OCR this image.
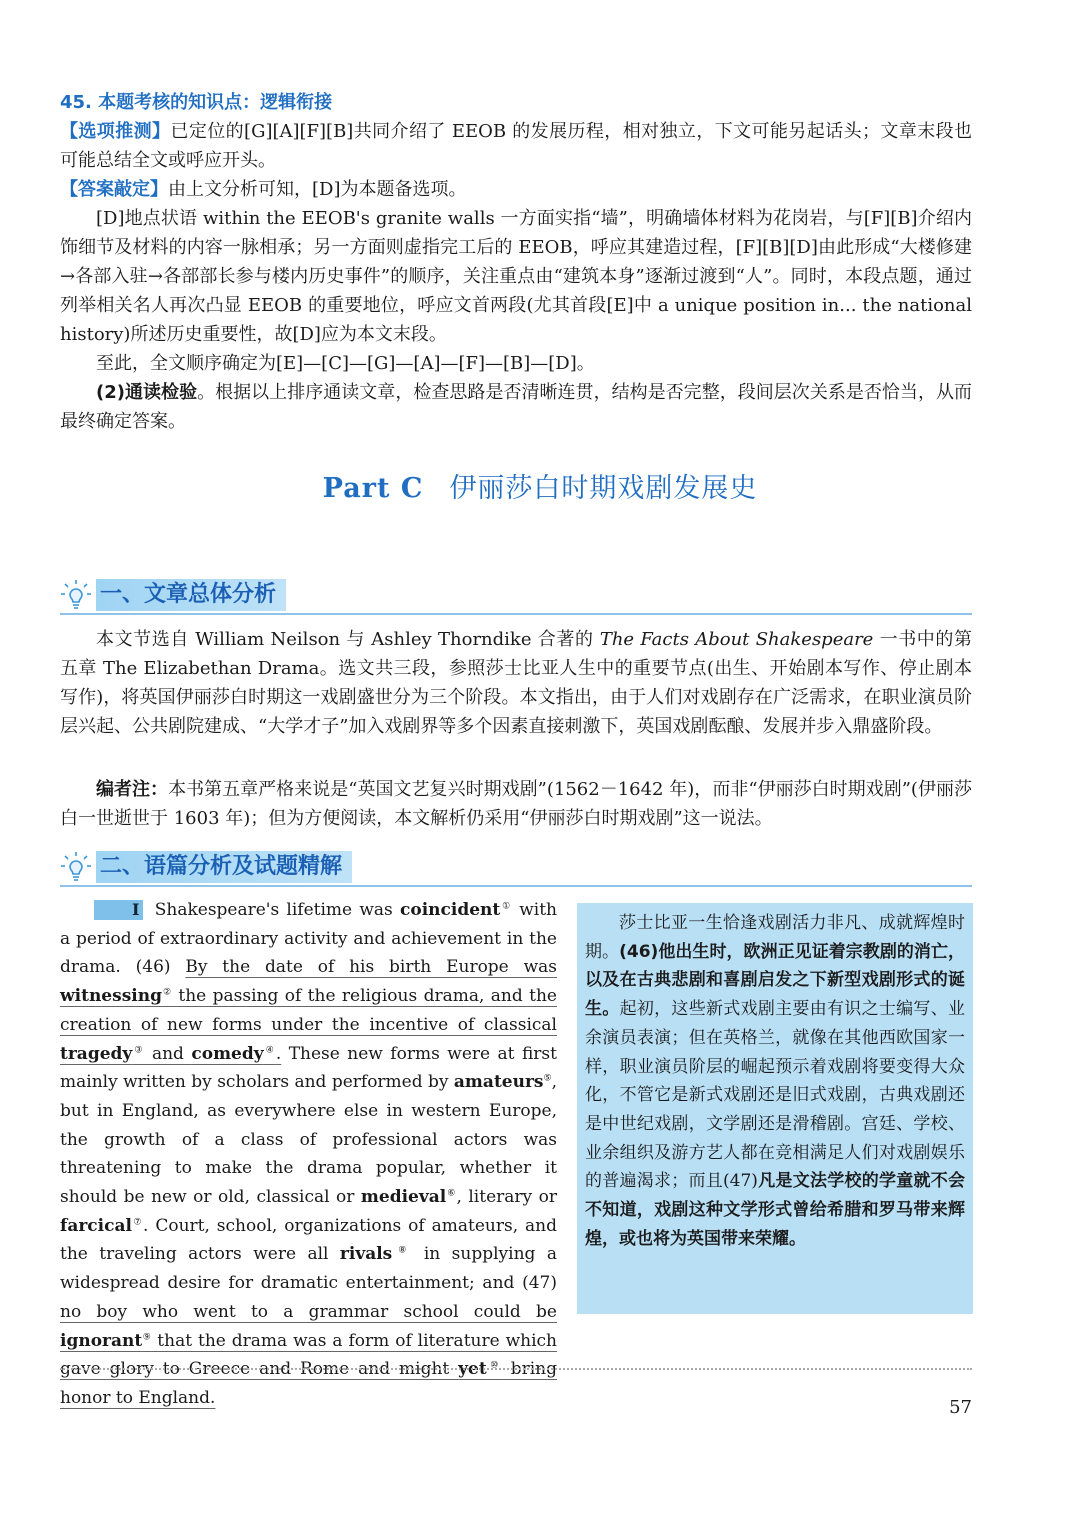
45. 本题考核的知识点：逻辑衔接

【选项推测】已定位的[G][A][F][B]共同介绍了 EEOB 的发展历程，相对独立，下文可能另起话头；文章末段也可能总结全文或呼应开头。

【答案敲定】由上文分析可知，[D]为本题备选项。

[D]地点状语 within the EEOB's granite walls 一方面实指“墙”，明确墙体材料为花岗岩，与[F][B]介绍内饰细节及材料的内容一脉相承；另一方面则虚指完工后的 EEOB，呼应其建造过程，[F][B][D]由此形成“大楼修建→各部入驻→各部部长参与楼内历史事件”的顺序，关注重点由“建筑本身”逐渐过渡到“人”。同时，本段点题，通过列举相关名人再次凸显 EEOB 的重要地位，呼应文首两段(尤其首段[E]中 a unique position in... the national history)所述历史重要性，故[D]应为本文末段。

至此，全文顺序确定为[E]—[C]—[G]—[A]—[F]—[B]—[D]。

(2)通读检验。根据以上排序通读文章，检查思路是否清晰连贯，结构是否完整，段间层次关系是否恰当，从而最终确定答案。

Part C 伊丽莎白时期戏剧发展史
一、文章总体分析

本文节选自 William Neilson 与 Ashley Thorndike 合著的 The Facts About Shakespeare 一书中的第五章 The Elizabethan Drama。选文共三段，参照莎士比亚人生中的重要节点(出生、开始剧本写作、停止剧本写作)，将英国伊丽莎白时期这一戏剧盛世分为三个阶段。本文指出，由于人们对戏剧存在广泛需求，在职业演员阶层兴起、公共剧院建成、“大学才子”加入戏剧界等多个因素直接刺激下，英国戏剧酝酿、发展并步入鼎盛阶段。

编者注：本书第五章严格来说是“英国文艺复兴时期戏剧”(1562－1642 年)，而非“伊丽莎白时期戏剧”(伊丽莎白一世逝世于 1603 年)；但为方便阅读，本文解析仍采用“伊丽莎白时期戏剧”这一说法。

二、语篇分析及试题精解

I Shakespeare's lifetime was coincident① with a period of extraordinary activity and achievement in the drama. (46) By the date of his birth Europe was witnessing② the passing of the religious drama, and the creation of new forms under the incentive of classical tragedy③ and comedy④. These new forms were at first mainly written by scholars and performed by amateurs⑤, but in England, as everywhere else in western Europe, the growth of a class of professional actors was threatening to make the drama popular, whether it should be new or old, classical or medieval⑥, literary or farcical⑦. Court, school, organizations of amateurs, and the traveling actors were all rivals⑧ in supplying a widespread desire for dramatic entertainment; and (47) no boy who went to a grammar school could be ignorant⑨ that the drama was a form of literature which gave glory to Greece and Rome and might yet⑩ bring honor to England.

莎士比亚一生恰逢戏剧活力非凡、成就辉煌时期。(46)他出生时，欧洲正见证着宗教剧的消亡，以及在古典悲剧和喜剧启发之下新型戏剧形式的诞生。起初，这些新式戏剧主要由有识之士编写、业余演员表演；但在英格兰，就像在其他西欧国家一样，职业演员阶层的崛起预示着戏剧将要变得大众化，不管它是新式戏剧还是旧式戏剧，古典戏剧还是中世纪戏剧，文学剧还是滑稽剧。宫廷、学校、业余组织及游方艺人都在竞相满足人们对戏剧娱乐的普遍渴求；而且(47)凡是文法学校的学童就不会不知道，戏剧这种文学形式曾给希腊和罗马带来辉煌，或也将为英国带来荣耀。
57
